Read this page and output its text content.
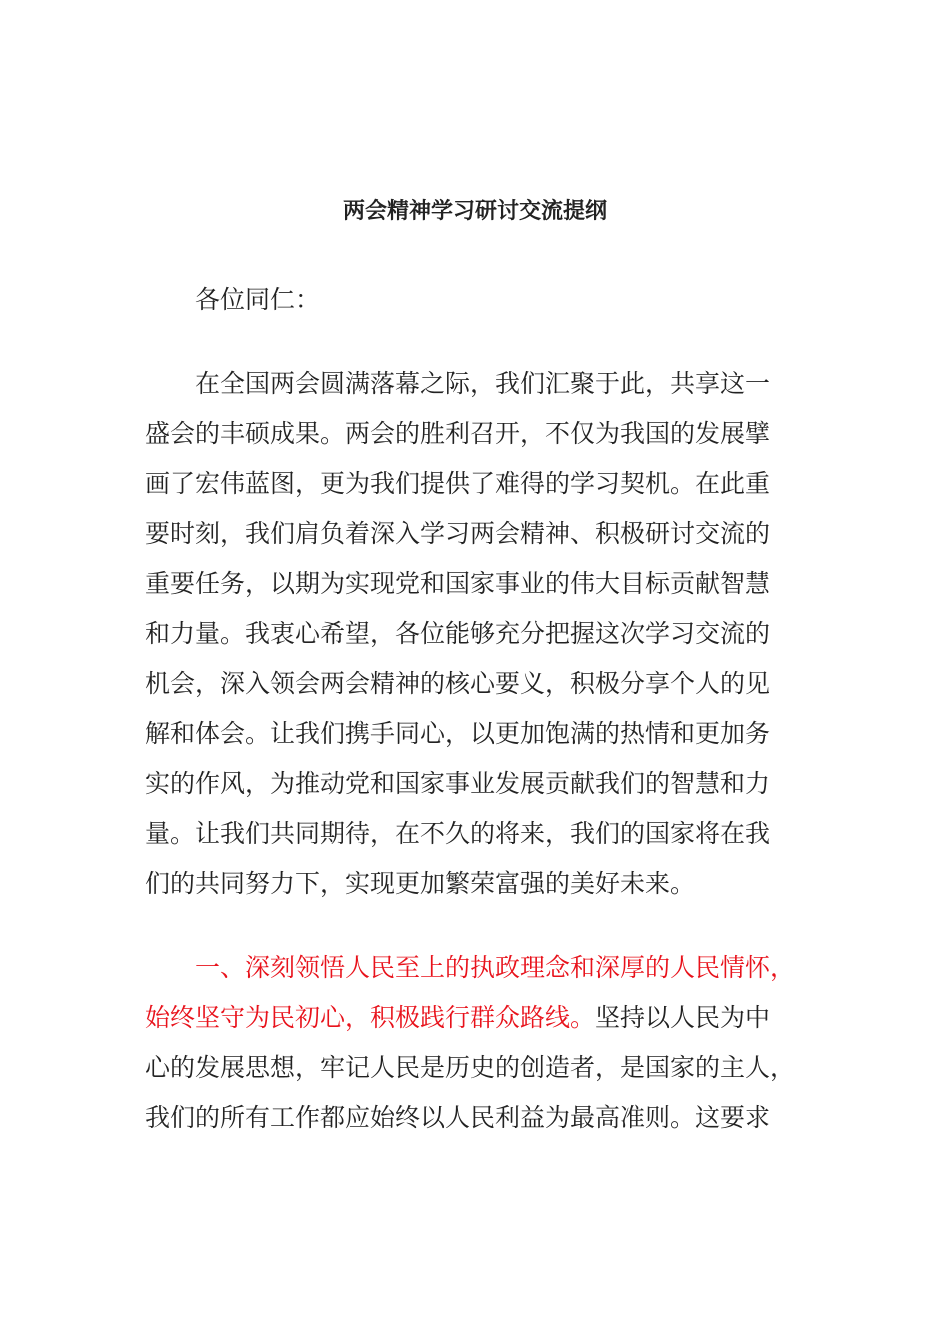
两会精神学习研讨交流提纲
各位同仁：
在全国两会圆满落幕之际，我们汇聚于此，共享这一
盛会的丰硕成果。两会的胜利召开，不仅为我国的发展擘
画了宏伟蓝图，更为我们提供了难得的学习契机。在此重
要时刻，我们肩负着深入学习两会精神、积极研讨交流的
重要任务，以期为实现党和国家事业的伟大目标贡献智慧
和力量。我衷心希望，各位能够充分把握这次学习交流的
机会，深入领会两会精神的核心要义，积极分享个人的见
解和体会。让我们携手同心，以更加饱满的热情和更加务
实的作风，为推动党和国家事业发展贡献我们的智慧和力
量。让我们共同期待，在不久的将来，我们的国家将在我
们的共同努力下，实现更加繁荣富强的美好未来。
一、深刻领悟人民至上的执政理念和深厚的人民情怀，
始终坚守为民初心，积极践行群众路线。坚持以人民为中
心的发展思想，牢记人民是历史的创造者，是国家的主人，
我们的所有工作都应始终以人民利益为最高准则。这要求
